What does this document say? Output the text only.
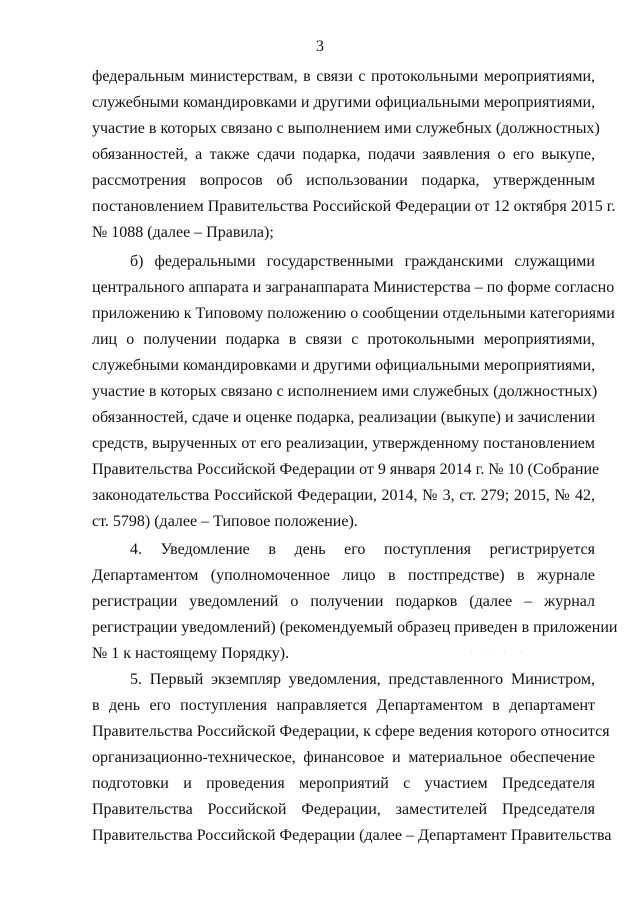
3
федеральным министерствам, в связи с протокольными мероприятиями,
служебными командировками и другими официальными мероприятиями,
участие в которых связано с выполнением ими служебных (должностных)
обязанностей, а также сдачи подарка, подачи заявления о его выкупе,
рассмотрения вопросов об использовании подарка, утвержденным
постановлением Правительства Российской Федерации от 12 октября 2015 г.
№ 1088 (далее – Правила);
б) федеральными государственными гражданскими служащими
центрального аппарата и загранаппарата Министерства – по форме согласно
приложению к Типовому положению о сообщении отдельными категориями
лиц о получении подарка в связи с протокольными мероприятиями,
служебными командировками и другими официальными мероприятиями,
участие в которых связано с исполнением ими служебных (должностных)
обязанностей, сдаче и оценке подарка, реализации (выкупе) и зачислении
средств, вырученных от его реализации, утвержденному постановлением
Правительства Российской Федерации от 9 января 2014 г. № 10 (Собрание
законодательства Российской Федерации, 2014, № 3, ст. 279; 2015, № 42,
ст. 5798) (далее – Типовое положение).
4. Уведомление в день его поступления регистрируется
Департаментом (уполномоченное лицо в постпредстве) в журнале
регистрации уведомлений о получении подарков (далее – журнал
регистрации уведомлений) (рекомендуемый образец приведен в приложении
№ 1 к настоящему Порядку).
5. Первый экземпляр уведомления, представленного Министром,
в день его поступления направляется Департаментом в департамент
Правительства Российской Федерации, к сфере ведения которого относится
организационно-техническое, финансовое и материальное обеспечение
подготовки и проведения мероприятий с участием Председателя
Правительства Российской Федерации, заместителей Председателя
Правительства Российской Федерации (далее – Департамент Правительства
· · · ·
